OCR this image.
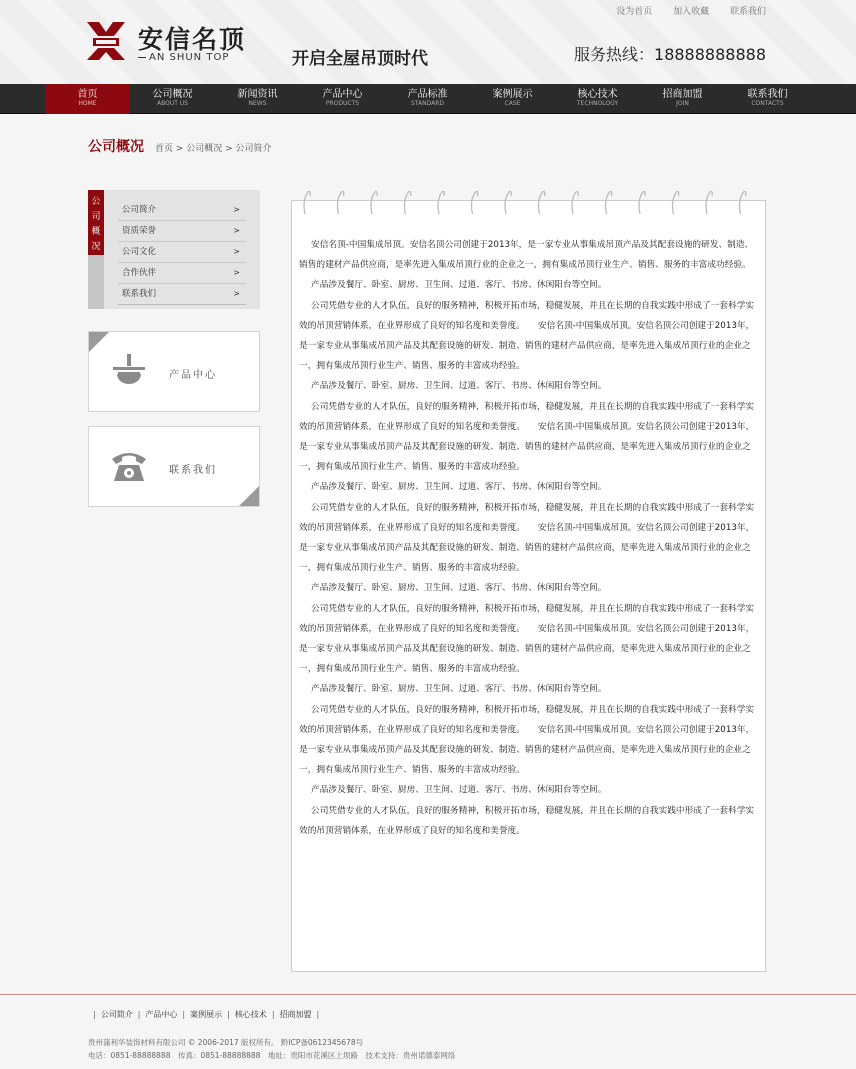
设为首页 加入收藏 联系我们
安信名顶
AN SHUN TOP	开启全屋吊顶时代	服务热线：18888888888
首页
HOME
公司概况
ABOUT US
新闻资讯
NEWS
产品中心
PRODUCTS
产品标准
STANDARD
案例展示
CASE
核心技术
TECHNOLOGY
招商加盟
JOIN
联系我们
CONTACTS
公司概况 首页 > 公司概况 > 公司简介
公
司
概
况
公司简介 >
资质荣誉 >
公司文化 >
合作伙伴 >
联系我们 >
产品中心
联系我们

安信名顶-中国集成吊顶。安信名顶公司创建于2013年，是一家专业从事集成吊顶产品及其配套设施的研发、制造、销售的建材产品供应商，是率先进入集成吊顶行业的企业之一，拥有集成吊顶行业生产、销售、服务的丰富成功经验。

产品涉及餐厅、卧室、厨房、卫生间、过道、客厅、书房、休闲阳台等空间。

公司凭借专业的人才队伍，良好的服务精神，积极开拓市场，稳健发展，并且在长期的自我实践中形成了一套科学实效的吊顶营销体系，在业界形成了良好的知名度和美誉度。　　安信名顶-中国集成吊顶。安信名顶公司创建于2013年，是一家专业从事集成吊顶产品及其配套设施的研发、制造、销售的建材产品供应商，是率先进入集成吊顶行业的企业之一，拥有集成吊顶行业生产、销售、服务的丰富成功经验。

产品涉及餐厅、卧室、厨房、卫生间、过道、客厅、书房、休闲阳台等空间。

公司凭借专业的人才队伍，良好的服务精神，积极开拓市场，稳健发展，并且在长期的自我实践中形成了一套科学实效的吊顶营销体系，在业界形成了良好的知名度和美誉度。　　安信名顶-中国集成吊顶。安信名顶公司创建于2013年，是一家专业从事集成吊顶产品及其配套设施的研发、制造、销售的建材产品供应商，是率先进入集成吊顶行业的企业之一，拥有集成吊顶行业生产、销售、服务的丰富成功经验。

产品涉及餐厅、卧室、厨房、卫生间、过道、客厅、书房、休闲阳台等空间。

公司凭借专业的人才队伍，良好的服务精神，积极开拓市场，稳健发展，并且在长期的自我实践中形成了一套科学实效的吊顶营销体系，在业界形成了良好的知名度和美誉度。　　安信名顶-中国集成吊顶。安信名顶公司创建于2013年，是一家专业从事集成吊顶产品及其配套设施的研发、制造、销售的建材产品供应商，是率先进入集成吊顶行业的企业之一，拥有集成吊顶行业生产、销售、服务的丰富成功经验。

产品涉及餐厅、卧室、厨房、卫生间、过道、客厅、书房、休闲阳台等空间。

公司凭借专业的人才队伍，良好的服务精神，积极开拓市场，稳健发展，并且在长期的自我实践中形成了一套科学实效的吊顶营销体系，在业界形成了良好的知名度和美誉度。　　安信名顶-中国集成吊顶。安信名顶公司创建于2013年，是一家专业从事集成吊顶产品及其配套设施的研发、制造、销售的建材产品供应商，是率先进入集成吊顶行业的企业之一，拥有集成吊顶行业生产、销售、服务的丰富成功经验。

产品涉及餐厅、卧室、厨房、卫生间、过道、客厅、书房、休闲阳台等空间。

公司凭借专业的人才队伍，良好的服务精神，积极开拓市场，稳健发展，并且在长期的自我实践中形成了一套科学实效的吊顶营销体系，在业界形成了良好的知名度和美誉度。　　安信名顶-中国集成吊顶。安信名顶公司创建于2013年，是一家专业从事集成吊顶产品及其配套设施的研发、制造、销售的建材产品供应商，是率先进入集成吊顶行业的企业之一，拥有集成吊顶行业生产、销售、服务的丰富成功经验。

产品涉及餐厅、卧室、厨房、卫生间、过道、客厅、书房、休闲阳台等空间。

公司凭借专业的人才队伍，良好的服务精神，积极开拓市场，稳健发展，并且在长期的自我实践中形成了一套科学实效的吊顶营销体系，在业界形成了良好的知名度和美誉度。

| 公司简介 | 产品中心 | 案例展示 | 核心技术 | 招商加盟 |
贵州蒲利华装饰材料有限公司 © 2006-2017 版权所有。 黔ICP备0612345678号
电话：0851-88888888　传真：0851-88888888　地址：贵阳市花溪区上坝路　技术支持：贵州诺德泰网络
